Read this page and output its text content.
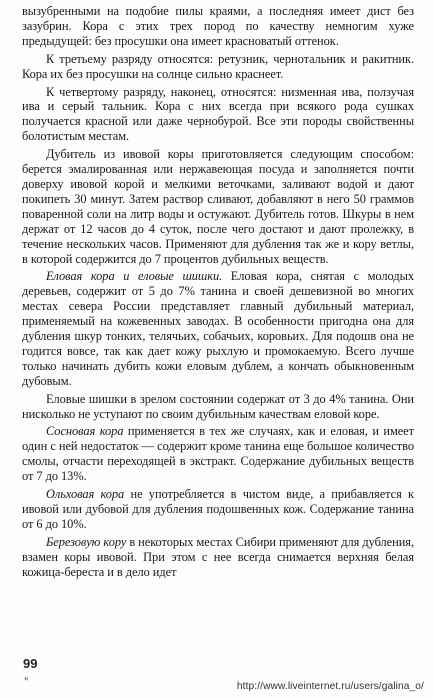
вызубренными на подобие пилы краями, а последняя имеет дист без зазубрин. Кора с этих трех пород по качеству немногим хуже предыдущей: без просушки она имеет красноватый оттенок.

К третьему разряду относятся: ретузник, чернотальник и ракитник. Кора их без просушки на солнце сильно краснеет.

К четвертому разряду, наконец, относятся: низменная ива, ползучая ива и серый тальник. Кора с них всегда при всякого рода сушках получается красной или даже чернобурой. Все эти породы свойственны болотистым местам.

Дубитель из ивовой коры приготовляется следующим способом: берется эмалированная или нержавеющая посуда и заполняется почти доверху ивовой корой и мелкими веточками, заливают водой и дают покипеть 30 минут. Затем раствор сливают, добавляют в него 50 граммов поваренной соли на литр воды и остужают. Дубитель готов. Шкуры в нем держат от 12 часов до 4 суток, после чего достают и дают пролежку, в течение нескольких часов. Применяют для дубления так же и кору ветлы, в которой содержится до 7 процентов дубильных веществ.

Еловая кора и еловые шишки. Еловая кора, снятая с молодых деревьев, содержит от 5 до 7% танина и своей дешевизной во многих местах севера России представляет главный дубильный материал, применяемый на кожевенных заводах. В особенности пригодна она для дубления шкур тонких, телячьих, собачьих, коровьих. Для подошв она не годится вовсе, так как дает кожу рыхлую и промокаемую. Всего лучше только начинать дубить кожи еловым дублем, а кончать обыкновенным дубовым.

Еловые шишки в зрелом состоянии содержат от 3 до 4% танина. Они нисколько не уступают по своим дубильным качествам еловой коре.

Сосновая кора применяется в тех же случаях, как и еловая, и имеет один с ней недостаток — содержит кроме танина еще большое количество смолы, отчасти переходящей в экстракт. Содержание дубильных веществ от 7 до 13%.

Ольховая кора не употребляется в чистом виде, а прибавляется к ивовой или дубовой для дубления подошвенных кож. Содержание танина от 6 до 10%.

Березовую кору в некоторых местах Сибири применяют для дубления, взамен коры ивовой. При этом с нее всегда снимается верхняя белая кожица-береста и в дело идет

99
«
http://www.liveinternet.ru/users/galina_o/
